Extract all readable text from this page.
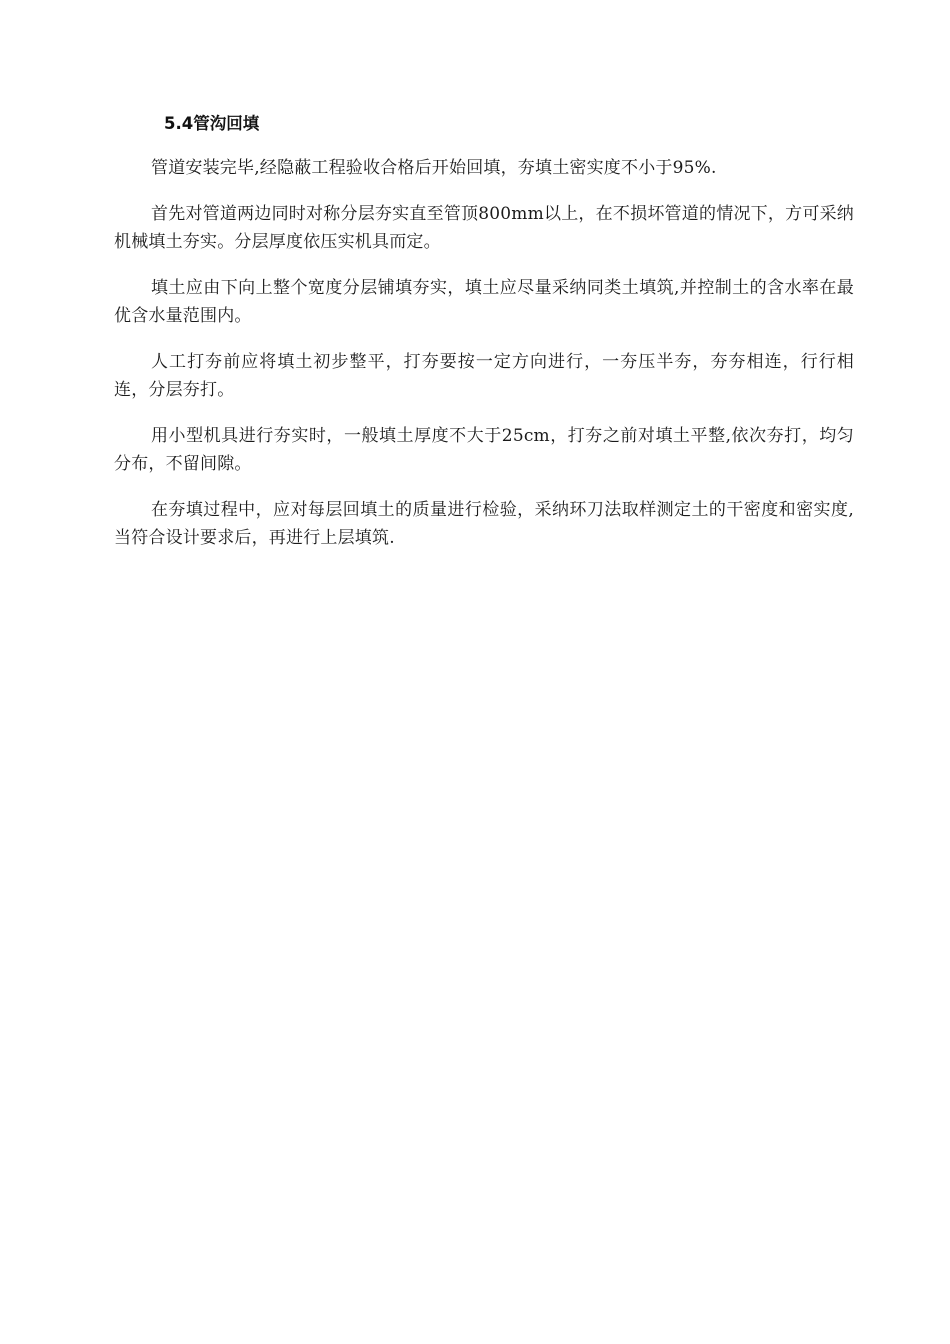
5.4管沟回填

管道安装完毕,经隐蔽工程验收合格后开始回填，夯填土密实度不小于95%.

首先对管道两边同时对称分层夯实直至管顶800mm以上，在不损坏管道的情况下，方可采纳机械填土夯实。分层厚度依压实机具而定。

填土应由下向上整个宽度分层铺填夯实，填土应尽量采纳同类土填筑,并控制土的含水率在最优含水量范围内。

人工打夯前应将填土初步整平，打夯要按一定方向进行，一夯压半夯，夯夯相连，行行相连，分层夯打。

用小型机具进行夯实时，一般填土厚度不大于25cm，打夯之前对填土平整,依次夯打，均匀分布，不留间隙。

在夯填过程中，应对每层回填土的质量进行检验，采纳环刀法取样测定土的干密度和密实度,当符合设计要求后，再进行上层填筑.
